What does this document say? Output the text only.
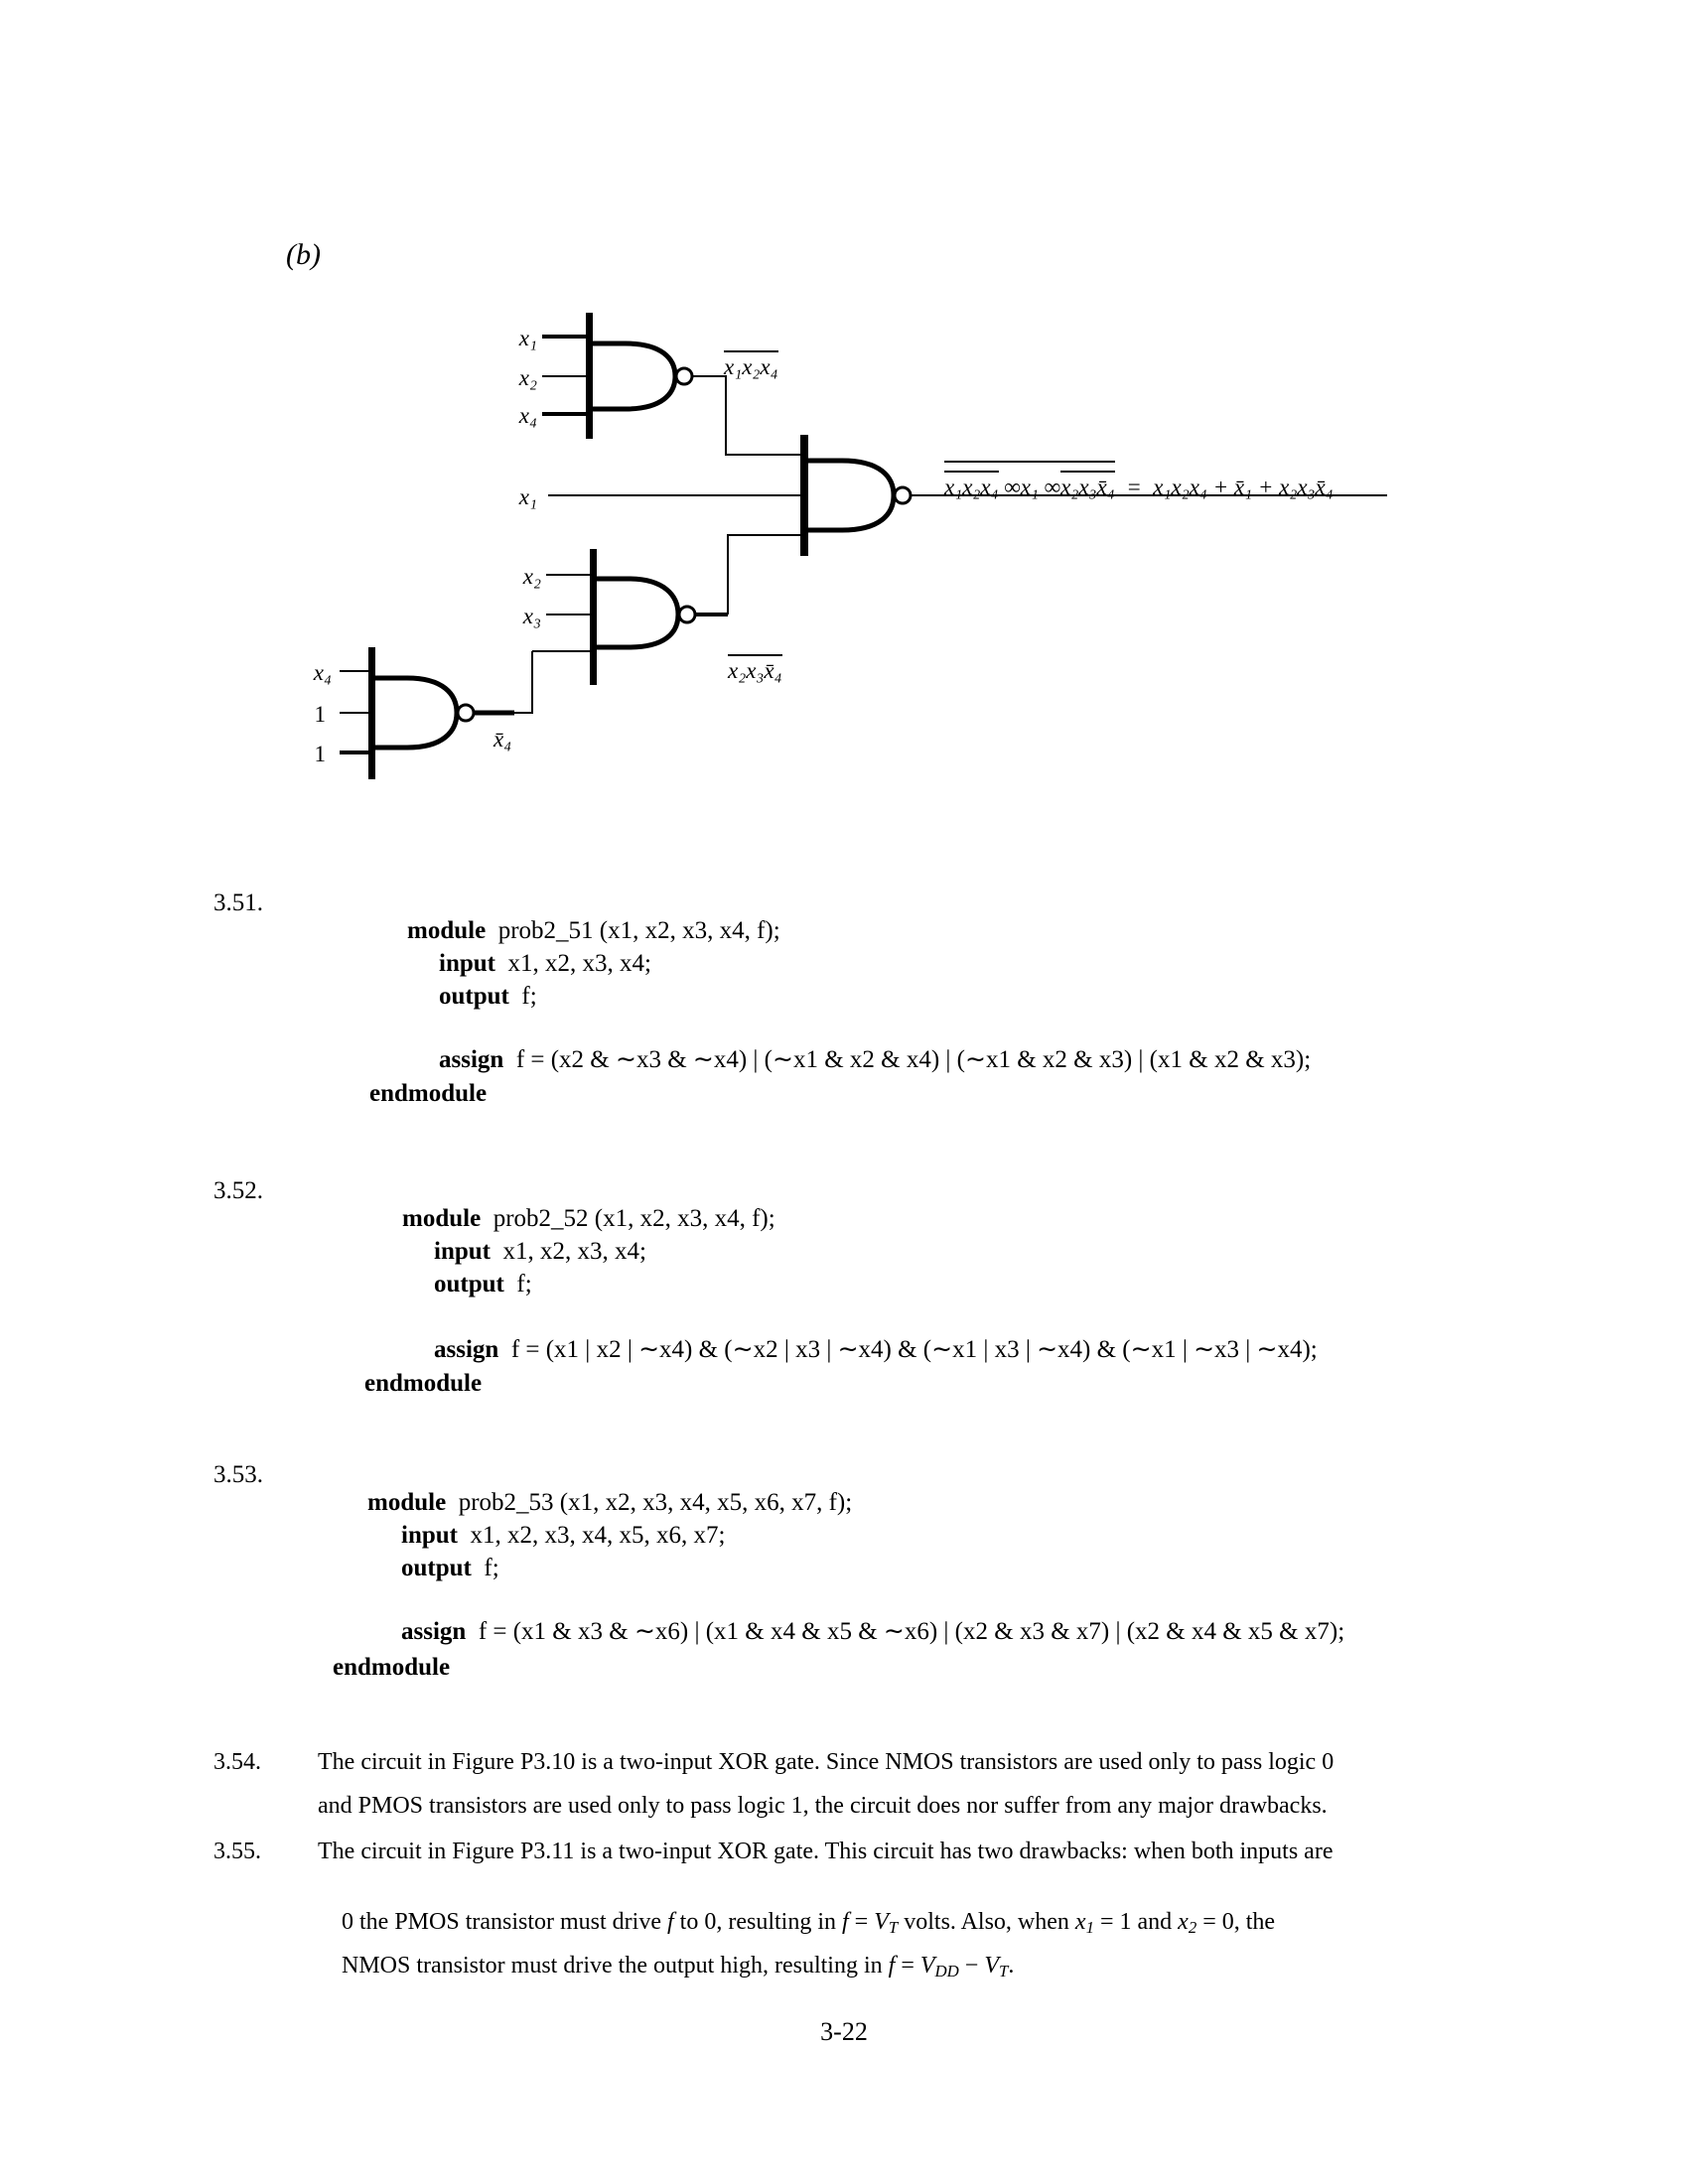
(b)
x₁
x₂
x₄
x₁
x₂
x₃
x₄
1
1

x₁x₂x₄

x₂x₃x̄₄

x̄₄

x₁x₂x₄ ∞x₁ ∞x₂x₃x̄₄  =  x₁x₂x₄ + x̄₁ + x₂x₃x̄₄

3.51.

module  prob2_51 (x1, x2, x3, x4, f);

input  x1, x2, x3, x4;

output  f;

assign  f = (x2 & ∼x3 & ∼x4) | (∼x1 & x2 & x4) | (∼x1 & x2 & x3) | (x1 & x2 & x3);

endmodule
3.52.

module  prob2_52 (x1, x2, x3, x4, f);

input  x1, x2, x3, x4;

output  f;

assign  f = (x1 | x2 | ∼x4) & (∼x2 | x3 | ∼x4) & (∼x1 | x3 | ∼x4) & (∼x1 | ∼x3 | ∼x4);

endmodule
3.53.

module  prob2_53 (x1, x2, x3, x4, x5, x6, x7, f);

input  x1, x2, x3, x4, x5, x6, x7;

output  f;

assign  f = (x1 & x3 & ∼x6) | (x1 & x4 & x5 & ∼x6) | (x2 & x3 & x7) | (x2 & x4 & x5 & x7);

endmodule
3.54. The circuit in Figure P3.10 is a two-input XOR gate. Since NMOS transistors are used only to pass logic 0
and PMOS transistors are used only to pass logic 1, the circuit does nor suffer from any major drawbacks.
3.55. The circuit in Figure P3.11 is a two-input XOR gate. This circuit has two drawbacks: when both inputs are

0 the PMOS transistor must drive f to 0, resulting in f = VT volts. Also, when x1 = 1 and x2 = 0, the

NMOS transistor must drive the output high, resulting in f = VDD − VT.

3-22
